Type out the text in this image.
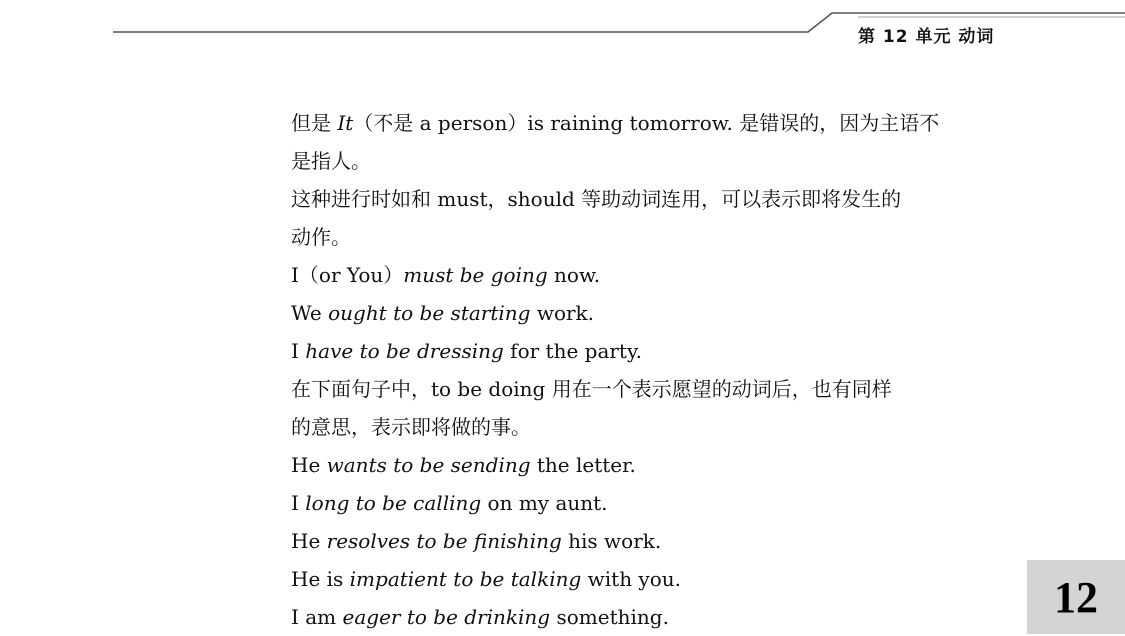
第 12 单元 动词
但是 It（不是 a person）is raining tomorrow. 是错误的，因为主语不
是指人。
这种进行时如和 must，should 等助动词连用，可以表示即将发生的
动作。
I（or You）must be going now.
We ought to be starting work.
I have to be dressing for the party.
在下面句子中，to be doing 用在一个表示愿望的动词后，也有同样
的意思，表示即将做的事。
He wants to be sending the letter.
I long to be calling on my aunt.
He resolves to be finishing his work.
He is impatient to be talking with you.
I am eager to be drinking something.	12
